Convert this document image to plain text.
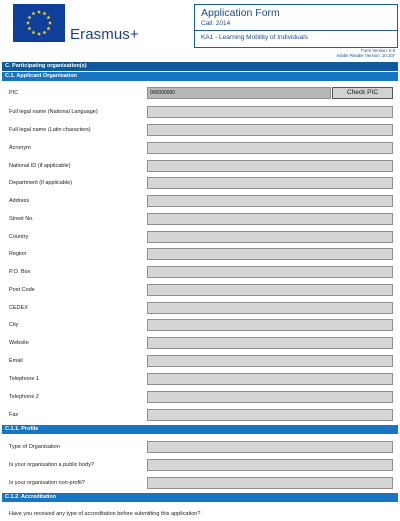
Erasmus+
Application Form
Call: 2014
KA1 - Learning Mobility of Individuals
Form Version: 0.9
Adobe Reader Version: 10.107
C. Participating organisation(s)
C.1. Applicant Organisation
PIC	000000000	Check PIC
Full legal name (National Language)
Full legal name (Latin characters)
Acronym
National ID (if applicable)
Department (if applicable)
Address
Street No.
Country
Region
P.O. Box
Post Code
CEDEX
City
Website
Email
Telephone 1
Telephone 2
Fax
C.1.1. Profile
Type of Organisation
Is your organisation a public body?
Is your organisation non-profit?
C.1.2. Accreditation
Have you received any type of accreditation before submitting this application?
